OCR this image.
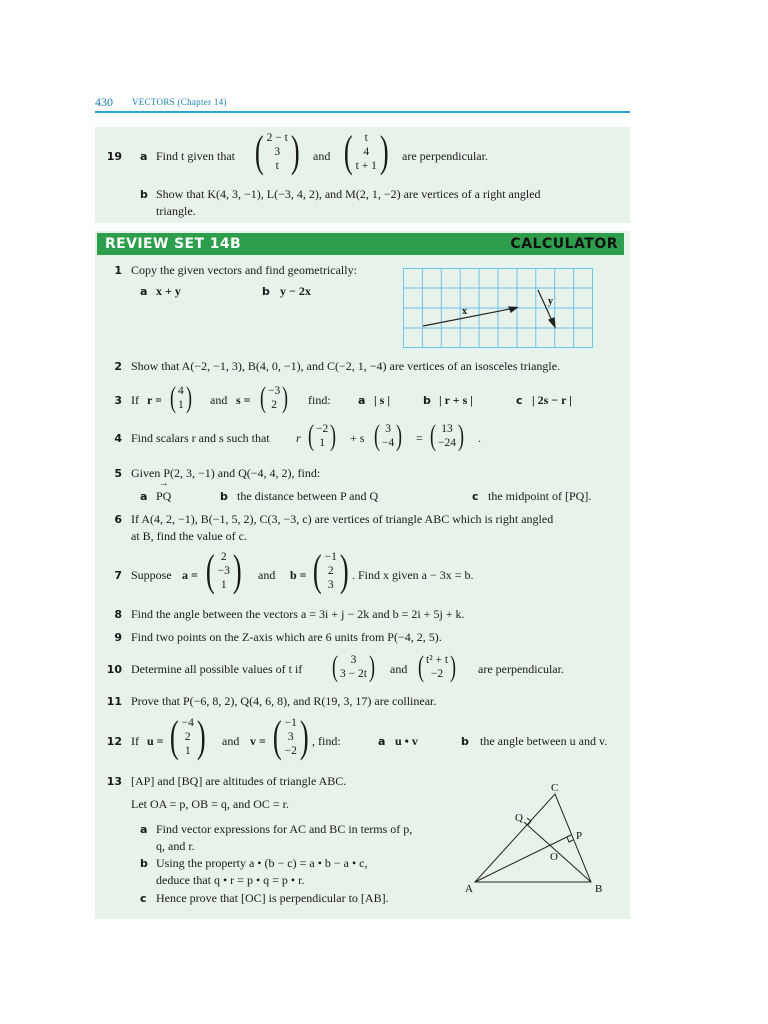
430 VECTORS (Chapter 14)
19 a Find t given that ( 2 − t
3
t ) and ( t
4
t + 1 ) are perpendicular.
b Show that K(4, 3, −1), L(−3, 4, 2), and M(2, 1, −2) are vertices of a right angled
triangle.
REVIEW SET 14B	CALCULATOR
1 Copy the given vectors and find geometrically:
a x + y	b y − 2x
x
y
2 Show that A(−2, −1, 3), B(4, 0, −1), and C(−2, 1, −4) are vertices of an isosceles triangle.
3 If r = ( 4
1 ) and s = ( −3
2 ) find: a | s |	b | r + s |	c | 2s − r |
4 Find scalars r and s such that r ( −2
1 ) + s ( 3
−4 ) = ( 13
−24 ) .
5 Given P(2, 3, −1) and Q(−4, 4, 2), find:
a
→ PQ	b the distance between P and Q	c the midpoint of [PQ].
6 If A(4, 2, −1), B(−1, 5, 2), C(3, −3, c) are vertices of triangle ABC which is right angled
at B, find the value of c.
7 Suppose a = ( 2
−3
1 ) and b = ( −1
2
3 ) . Find x given a − 3x = b.
8 Find the angle between the vectors a = 3i + j − 2k and b = 2i + 5j + k.
9 Find two points on the Z-axis which are 6 units from P(−4, 2, 5).
10 Determine all possible values of t if ( 3
3 − 2t ) and ( t² + t
−2 ) are perpendicular.
11 Prove that P(−6, 8, 2), Q(4, 6, 8), and R(19, 3, 17) are collinear.
12 If u = ( −4
2
1 ) and v = ( −1
3
−2 ) , find:	a u • v	b the angle between u and v.
13 [AP] and [BQ] are altitudes of triangle ABC.
Let OA = p, OB = q, and OC = r.
a Find vector expressions for AC and BC in terms of p,
q, and r.
b Using the property a • (b − c) = a • b − a • c,
deduce that q • r = p • q = p • r.
c Hence prove that [OC] is perpendicular to [AB].
A	B
C
P
Q
O
